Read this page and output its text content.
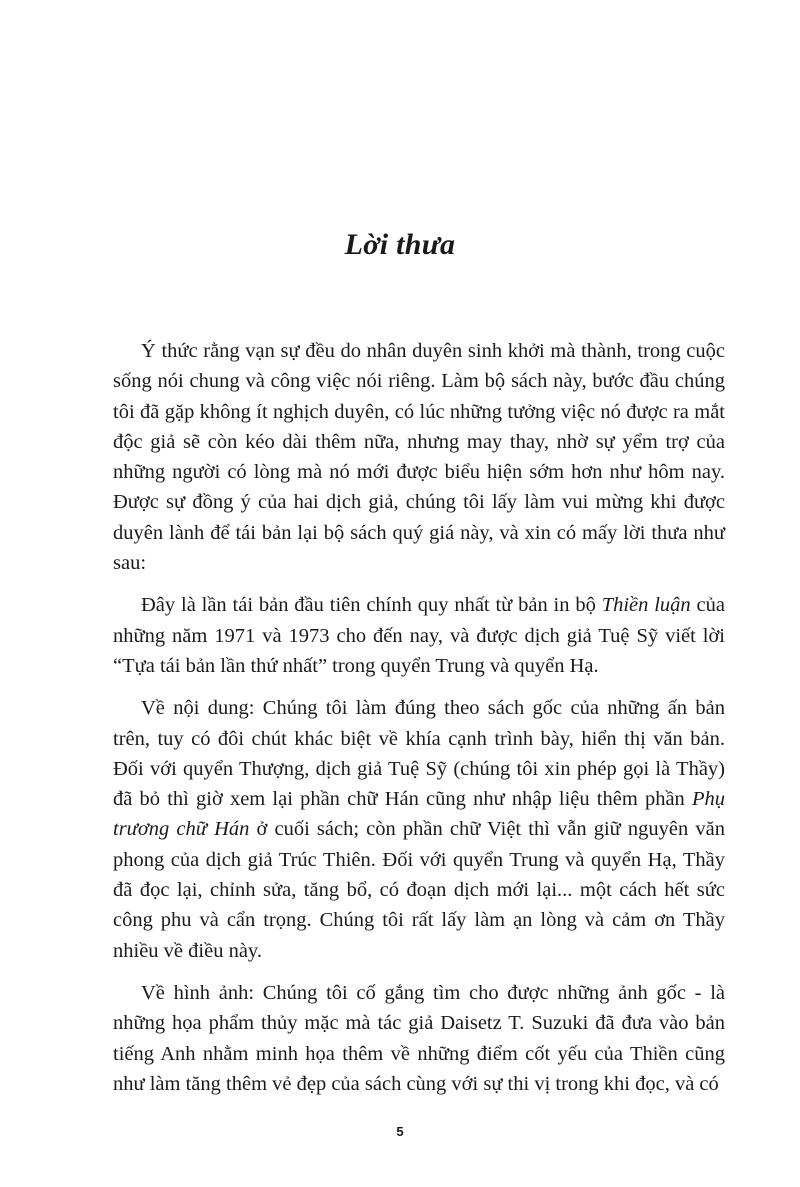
Lời thưa

Ý thức rằng vạn sự đều do nhân duyên sinh khởi mà thành, trong cuộc sống nói chung và công việc nói riêng. Làm bộ sách này, bước đầu chúng tôi đã gặp không ít nghịch duyên, có lúc những tưởng việc nó được ra mắt độc giả sẽ còn kéo dài thêm nữa, nhưng may thay, nhờ sự yểm trợ của những người có lòng mà nó mới được biểu hiện sớm hơn như hôm nay. Được sự đồng ý của hai dịch giả, chúng tôi lấy làm vui mừng khi được duyên lành để tái bản lại bộ sách quý giá này, và xin có mấy lời thưa như sau:

Đây là lần tái bản đầu tiên chính quy nhất từ bản in bộ Thiền luận của những năm 1971 và 1973 cho đến nay, và được dịch giả Tuệ Sỹ viết lời “Tựa tái bản lần thứ nhất” trong quyển Trung và quyển Hạ.

Về nội dung: Chúng tôi làm đúng theo sách gốc của những ấn bản trên, tuy có đôi chút khác biệt về khía cạnh trình bày, hiển thị văn bản. Đối với quyển Thượng, dịch giả Tuệ Sỹ (chúng tôi xin phép gọi là Thầy) đã bỏ thì giờ xem lại phần chữ Hán cũng như nhập liệu thêm phần Phụ trương chữ Hán ở cuối sách; còn phần chữ Việt thì vẫn giữ nguyên văn phong của dịch giả Trúc Thiên. Đối với quyển Trung và quyển Hạ, Thầy đã đọc lại, chỉnh sửa, tăng bổ, có đoạn dịch mới lại... một cách hết sức công phu và cẩn trọng. Chúng tôi rất lấy làm ạn lòng và cảm ơn Thầy nhiều về điều này.

Về hình ảnh: Chúng tôi cố gắng tìm cho được những ảnh gốc - là những họa phẩm thủy mặc mà tác giả Daisetz T. Suzuki đã đưa vào bản tiếng Anh nhằm minh họa thêm về những điểm cốt yếu của Thiền cũng như làm tăng thêm vẻ đẹp của sách cùng với sự thi vị trong khi đọc, và có

5
